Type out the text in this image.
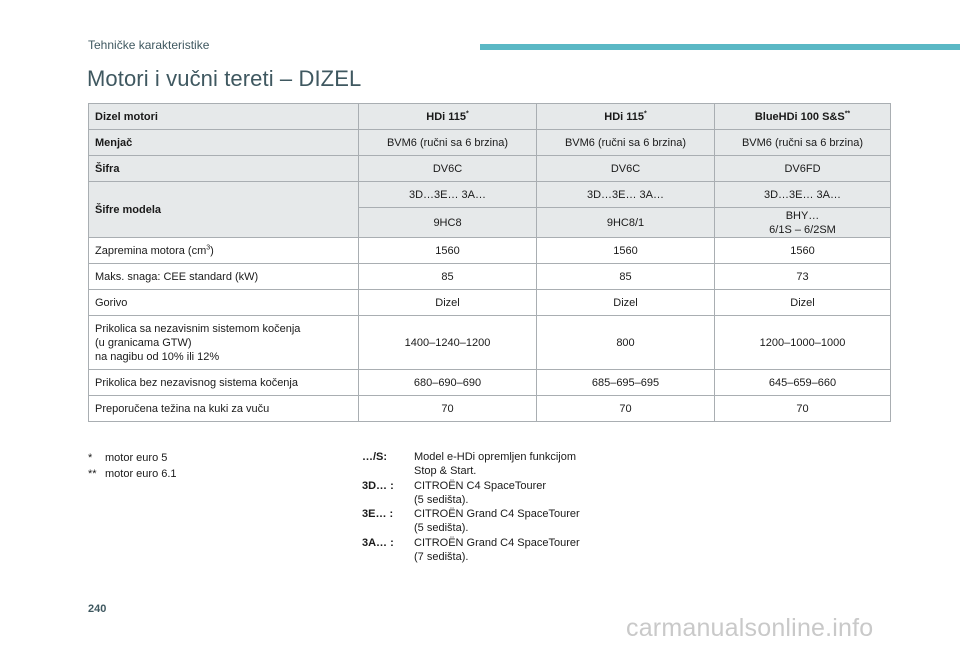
Tehničke karakteristike
Motori i vučni tereti – DIZEL
Dizel motori	HDi 115*	HDi 115*	BlueHDi 100 S&S**
Menjač	BVM6 (ručni sa 6 brzina)	BVM6 (ručni sa 6 brzina)	BVM6 (ručni sa 6 brzina)
Šifra	DV6C	DV6C	DV6FD
Šifre modela	3D…3E… 3A…	3D…3E… 3A…	3D…3E… 3A…
	9HC8	9HC8/1	BHY…
6/1S – 6/2SM

Zapremina motora $(cm^3)$	1560	1560	1560
Maks. snaga: CEE standard (kW)	85	85	73
Gorivo	Dizel	Dizel	Dizel

Prikolica sa nezavisnim sistemom kočenja
(u granicama GTW)
na nagibu od 10% ili 12%	1400–1240–1200	800	1200–1000–1000
Prikolica bez nezavisnog sistema kočenja	680–690–690	685–695–695	645–659–660
Preporučena težina na kuki za vuču	70	70	70
*	motor euro 5
** motor euro 6.1
…/S:	Model e-HDi opremljen funkcijom
Stop & Start.
3D… :	CITROËN C4 SpaceTourer
(5 sedišta).
3E… :	CITROËN Grand C4 SpaceTourer
(5 sedišta).
3A… :	CITROËN Grand C4 SpaceTourer
(7 sedišta).
240
carmanualsonline.info
